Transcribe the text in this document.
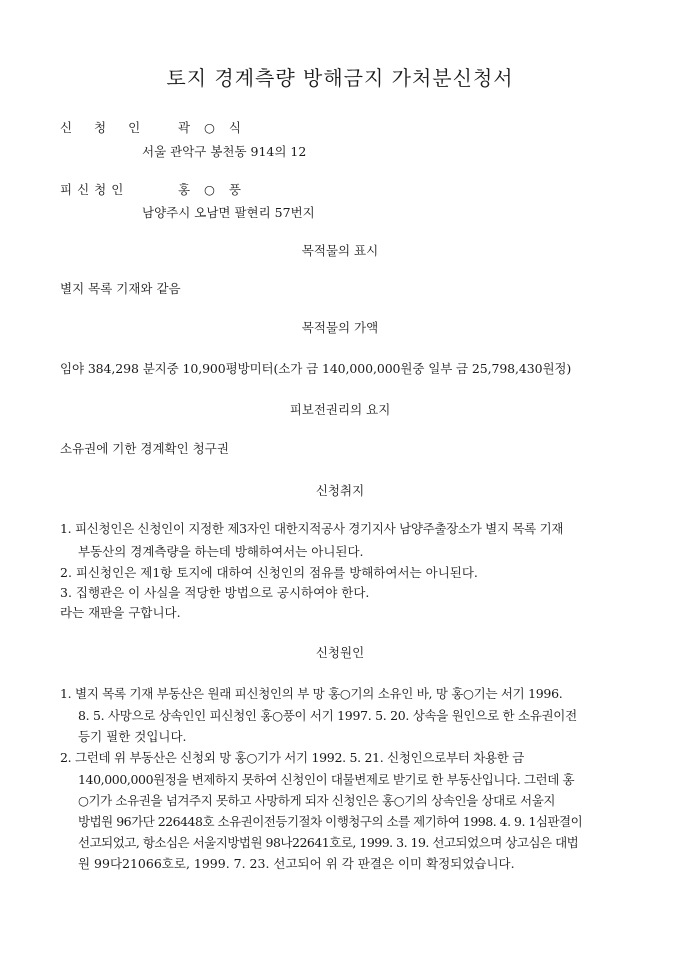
토지 경계측량 방해금지 가처분신청서
신 청 인 곽 ○ 식
서울 관악구 봉천동 914의 12
피신청인	홍 ○ 풍
남양주시 오남면 팔현리 57번지
목적물의 표시
별지 목록 기재와 같음
목적물의 가액
임야 384,298 분지중 10,900평방미터(소가 금 140,000,000원중 일부 금 25,798,430원정)
피보전권리의 요지
소유권에 기한 경계확인 청구권
신청취지
1. 피신청인은 신청인이 지정한 제3자인 대한지적공사 경기지사 남양주출장소가 별지 목록 기재
부동산의 경계측량을 하는데 방해하여서는 아니된다.
2. 피신청인은 제1항 토지에 대하여 신청인의 점유를 방해하여서는 아니된다.
3. 집행관은 이 사실을 적당한 방법으로 공시하여야 한다.
라는 재판을 구합니다.
신청원인
1. 별지 목록 기재 부동산은 원래 피신청인의 부 망 홍○기의 소유인 바, 망 홍○기는 서기 1996.
8. 5. 사망으로 상속인인 피신청인 홍○풍이 서기 1997. 5. 20. 상속을 원인으로 한 소유권이전
등기 필한 것입니다.
2. 그런데 위 부동산은 신청외 망 홍○기가 서기 1992. 5. 21. 신청인으로부터 차용한 금
140,000,000원정을 변제하지 못하여 신청인이 대물변제로 받기로 한 부동산입니다. 그런데 홍
○기가 소유권을 넘겨주지 못하고 사망하게 되자 신청인은 홍○기의 상속인을 상대로 서울지
방법원 96가단 226448호 소유권이전등기절차 이행청구의 소를 제기하여 1998. 4. 9. 1심판결이
선고되었고, 항소심은 서울지방법원 98나22641호로, 1999. 3. 19. 선고되었으며 상고심은 대법
원 99다21066호로, 1999. 7. 23. 선고되어 위 각 판결은 이미 확정되었습니다.
